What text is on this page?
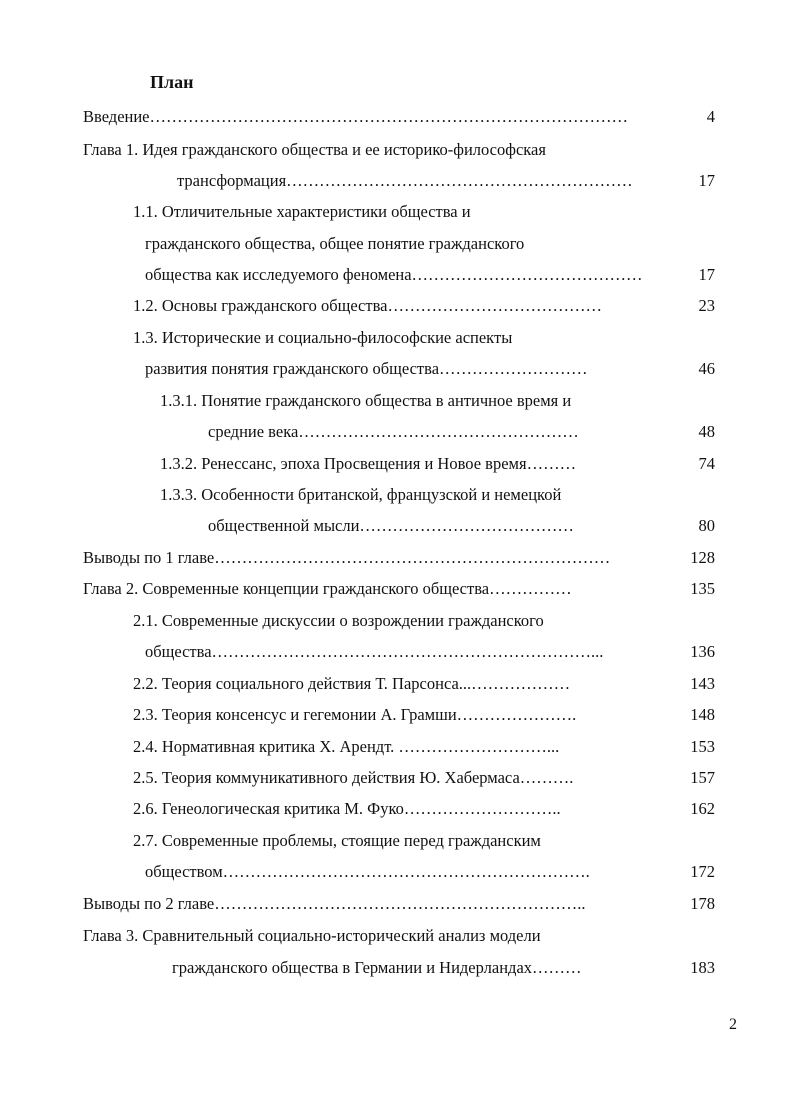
План
Введение……………………………………………………………………………	4
Глава 1. Идея гражданского общества и ее историко-философская
трансформация………………………………………………………	17
1.1. Отличительные характеристики общества и
гражданского общества, общее понятие гражданского
общества как исследуемого феномена……………………………………	17
1.2. Основы гражданского общества…………………………………	23
1.3. Исторические и социально-философские аспекты
развития понятия гражданского общества………………………	46
1.3.1. Понятие гражданского общества в античное время и
средние века……………………………………………	48
1.3.2. Ренессанс, эпоха Просвещения и Новое время………	74
1.3.3. Особенности британской, французской и немецкой
общественной мысли…………………………………	80
Выводы по 1 главе………………………………………………………………	128
Глава 2. Современные концепции гражданского общества……………	135
2.1. Современные дискуссии о возрождении гражданского
общества……………………………………………………………...	136
2.2. Теория социального действия Т. Парсонса...………………	143
2.3. Теория консенсус и гегемонии А. Грамши………………….	148
2.4. Нормативная критика Х. Арендт. ………………………...	153
2.5. Теория коммуникативного действия Ю. Хабермаса……….	157
2.6. Генеологическая критика М. Фуко………………………..	162
2.7. Современные проблемы, стоящие перед гражданским
обществом………………………………………………………….	172
Выводы по 2 главе…………………………………………………………..	178
Глава 3. Сравнительный социально-исторический анализ модели
гражданского общества в Германии и Нидерландах………	183
2
